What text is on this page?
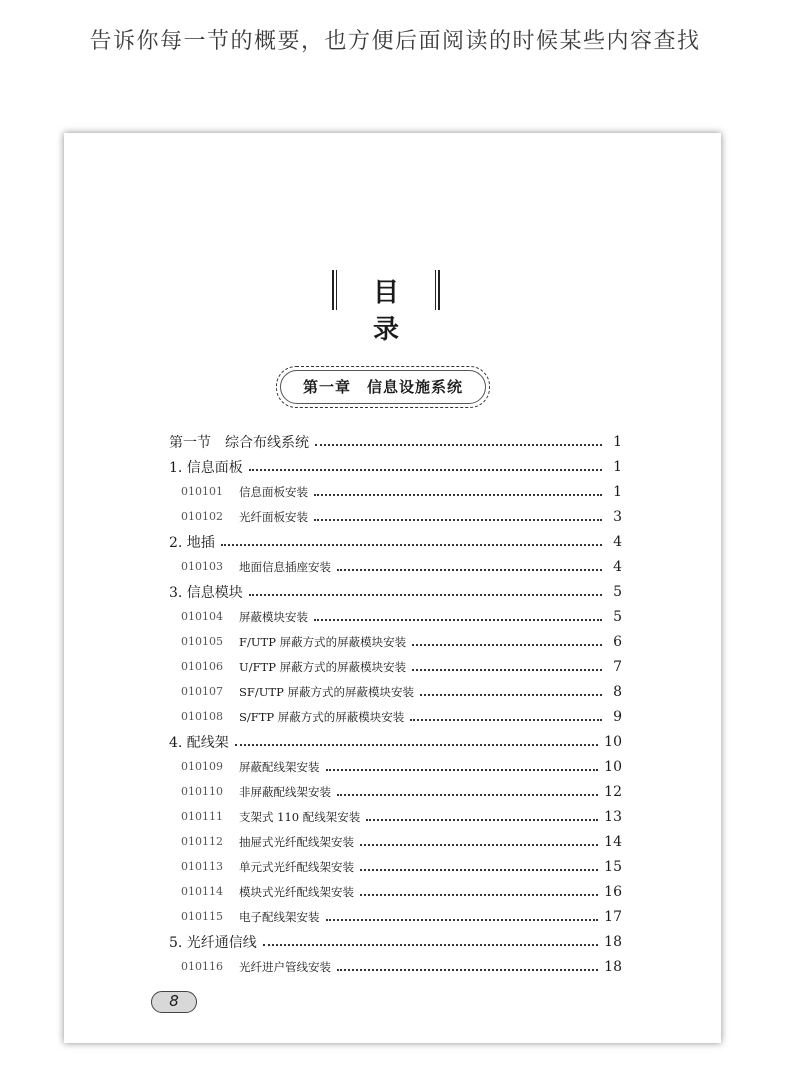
告诉你每一节的概要，也方便后面阅读的时候某些内容查找
目 录
第一章　信息设施系统
第一节　综合布线系统	1
1. 信息面板	1
010101	信息面板安装	1
010102	光纤面板安装	3
2. 地插	4
010103	地面信息插座安装	4
3. 信息模块	5
010104	屏蔽模块安装	5
010105	F/UTP 屏蔽方式的屏蔽模块安装	6
010106	U/FTP 屏蔽方式的屏蔽模块安装	7
010107	SF/UTP 屏蔽方式的屏蔽模块安装	8
010108	S/FTP 屏蔽方式的屏蔽模块安装	9
4. 配线架	10
010109	屏蔽配线架安装	10
010110	非屏蔽配线架安装	12
010111	支架式 110 配线架安装	13
010112	抽屉式光纤配线架安装	14
010113	单元式光纤配线架安装	15
010114	模块式光纤配线架安装	16
010115	电子配线架安装	17
5. 光纤通信线	18
010116	光纤进户管线安装	18
8
